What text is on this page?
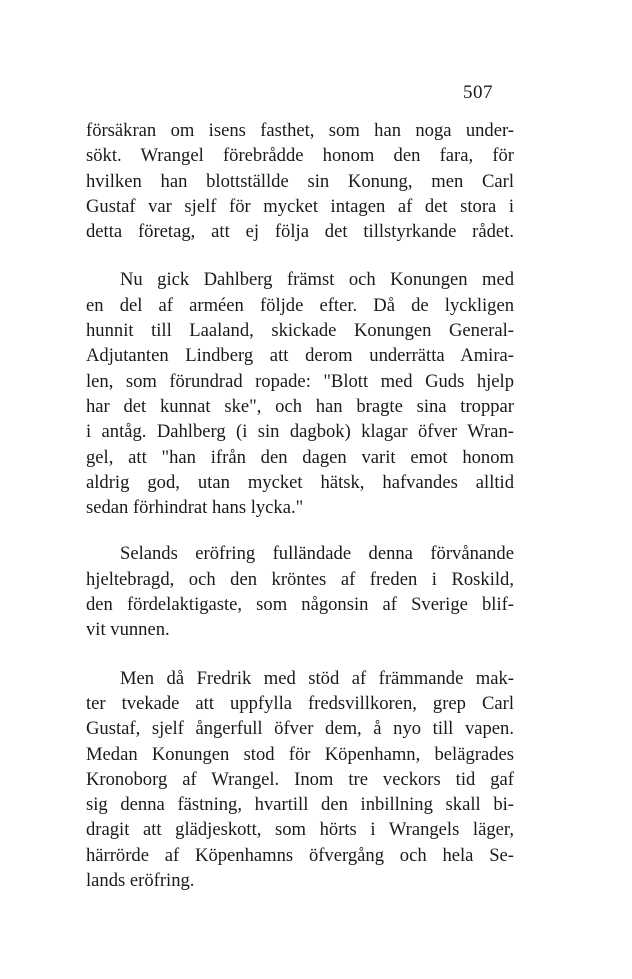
507

försäkran om isens fasthet, som han noga under-
sökt. Wrangel förebrådde honom den fara, för
hvilken han blottställde sin Konung, men Carl
Gustaf var sjelf för mycket intagen af det stora i
detta företag, att ej följa det tillstyrkande rådet.

Nu gick Dahlberg främst och Konungen med
en del af arméen följde efter. Då de lyckligen
hunnit till Laaland, skickade Konungen General-
Adjutanten Lindberg att derom underrätta Amira-
len, som förundrad ropade: "Blott med Guds hjelp
har det kunnat ske", och han bragte sina troppar
i antåg. Dahlberg (i sin dagbok) klagar öfver Wran-
gel, att "han ifrån den dagen varit emot honom
aldrig god, utan mycket hätsk, hafvandes alltid
sedan förhindrat hans lycka."

Selands eröfring fulländade denna förvånande
hjeltebragd, och den kröntes af freden i Roskild,
den fördelaktigaste, som någonsin af Sverige blif-
vit vunnen.

Men då Fredrik med stöd af främmande mak-
ter tvekade att uppfylla fredsvillkoren, grep Carl
Gustaf, sjelf ångerfull öfver dem, å nyo till vapen.
Medan Konungen stod för Köpenhamn, belägrades
Kronoborg af Wrangel. Inom tre veckors tid gaf
sig denna fästning, hvartill den inbillning skall bi-
dragit att glädjeskott, som hörts i Wrangels läger,
härrörde af Köpenhamns öfvergång och hela Se-
lands eröfring.
